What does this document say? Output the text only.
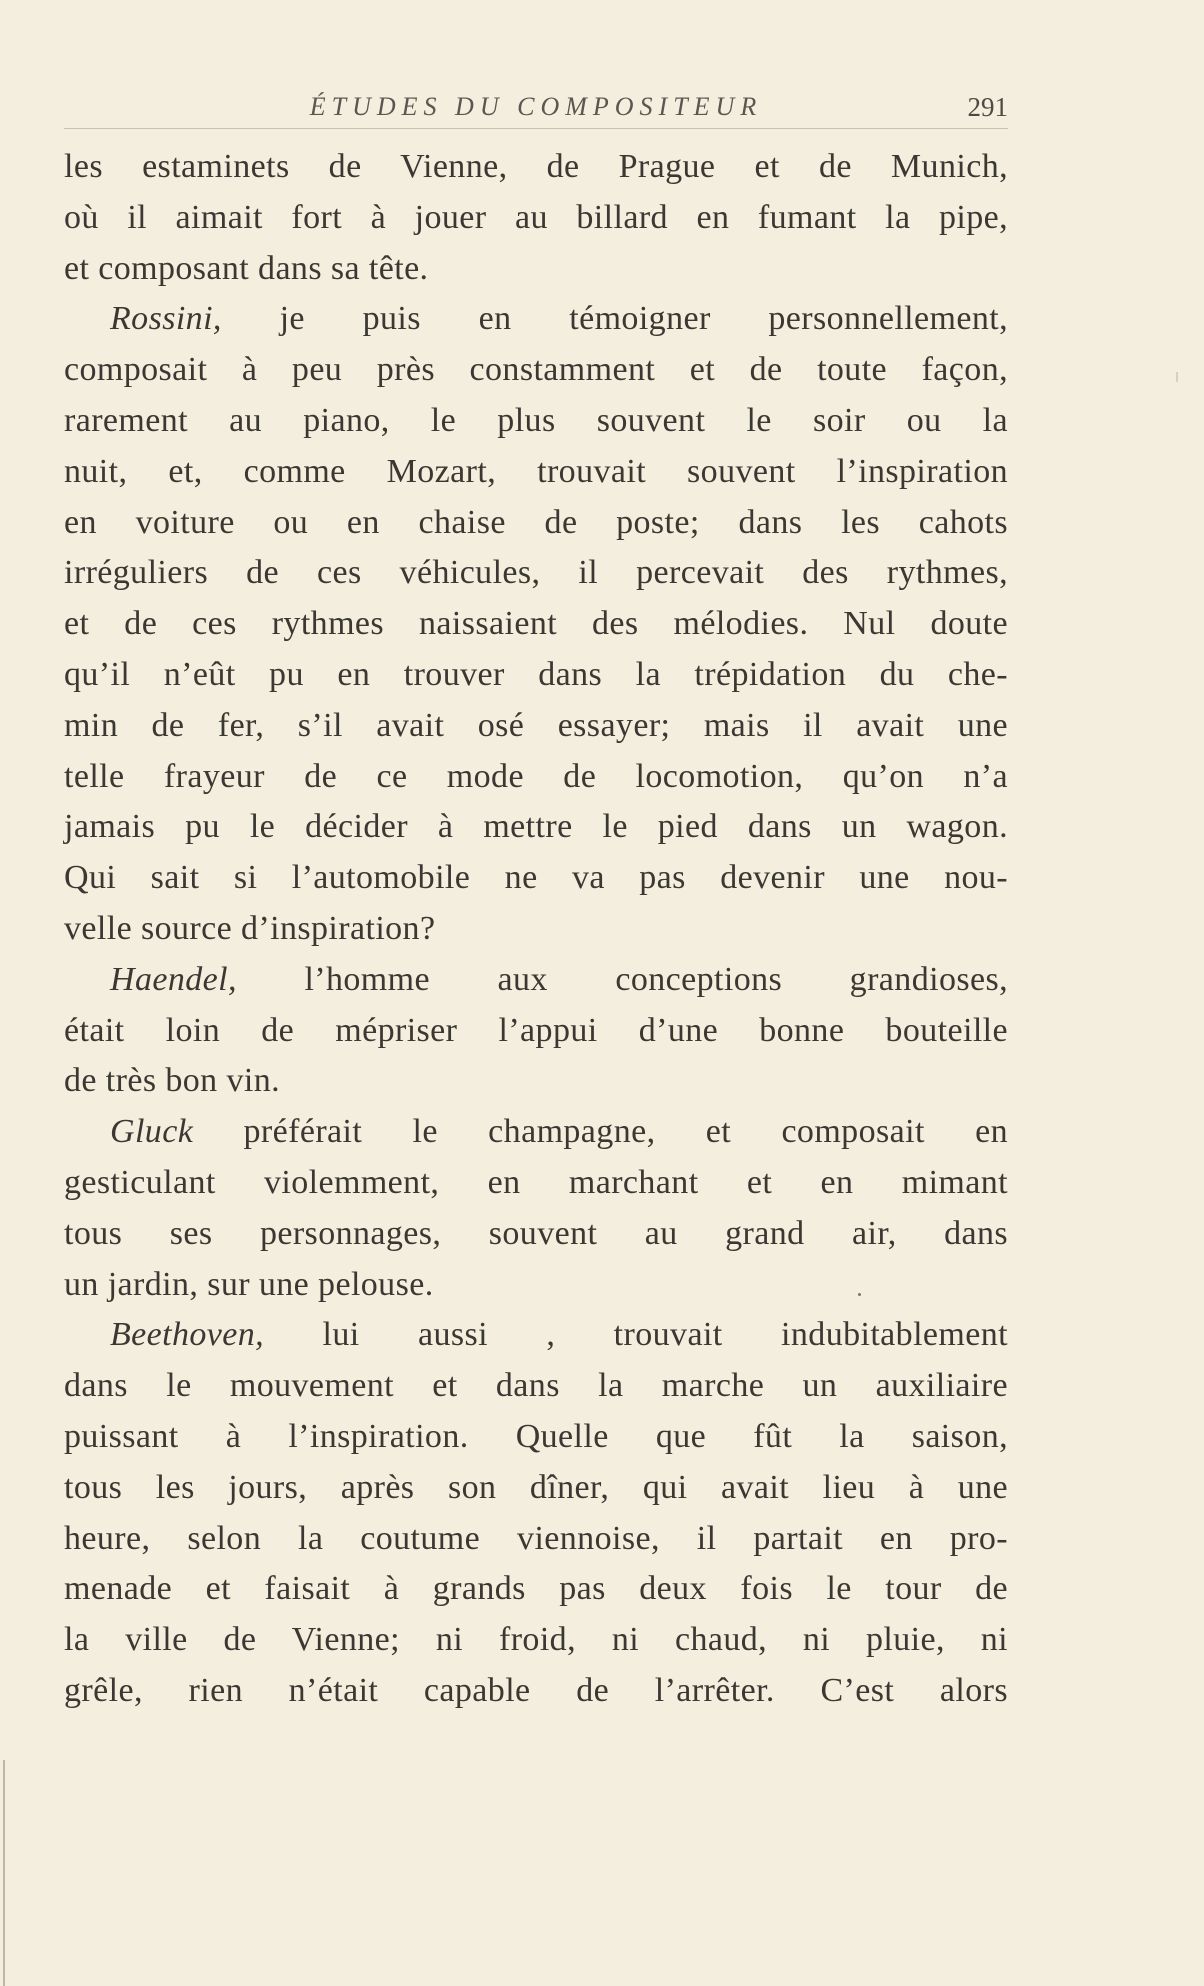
ÉTUDES DU COMPOSITEUR	291
les estaminets de Vienne, de Prague et de Munich,
où il aimait fort à jouer au billard en fumant la pipe,
et composant dans sa tête.
Rossini, je puis en témoigner personnellement,
composait à peu près constamment et de toute façon,
rarement au piano, le plus souvent le soir ou la
nuit, et, comme Mozart, trouvait souvent l’inspiration
en voiture ou en chaise de poste; dans les cahots
irréguliers de ces véhicules, il percevait des rythmes,
et de ces rythmes naissaient des mélodies. Nul doute
qu’il n’eût pu en trouver dans la trépidation du che-
min de fer, s’il avait osé essayer; mais il avait une
telle frayeur de ce mode de locomotion, qu’on n’a
jamais pu le décider à mettre le pied dans un wagon.
Qui sait si l’automobile ne va pas devenir une nou-
velle source d’inspiration?
Haendel, l’homme aux conceptions grandioses,
était loin de mépriser l’appui d’une bonne bouteille
de très bon vin.
Gluck préférait le champagne, et composait en
gesticulant violemment, en marchant et en mimant
tous ses personnages, souvent au grand air, dans
un jardin, sur une pelouse.
Beethoven, lui aussi , trouvait indubitablement
dans le mouvement et dans la marche un auxiliaire
puissant à l’inspiration. Quelle que fût la saison,
tous les jours, après son dîner, qui avait lieu à une
heure, selon la coutume viennoise, il partait en pro-
menade et faisait à grands pas deux fois le tour de
la ville de Vienne; ni froid, ni chaud, ni pluie, ni
grêle, rien n’était capable de l’arrêter. C’est alors
